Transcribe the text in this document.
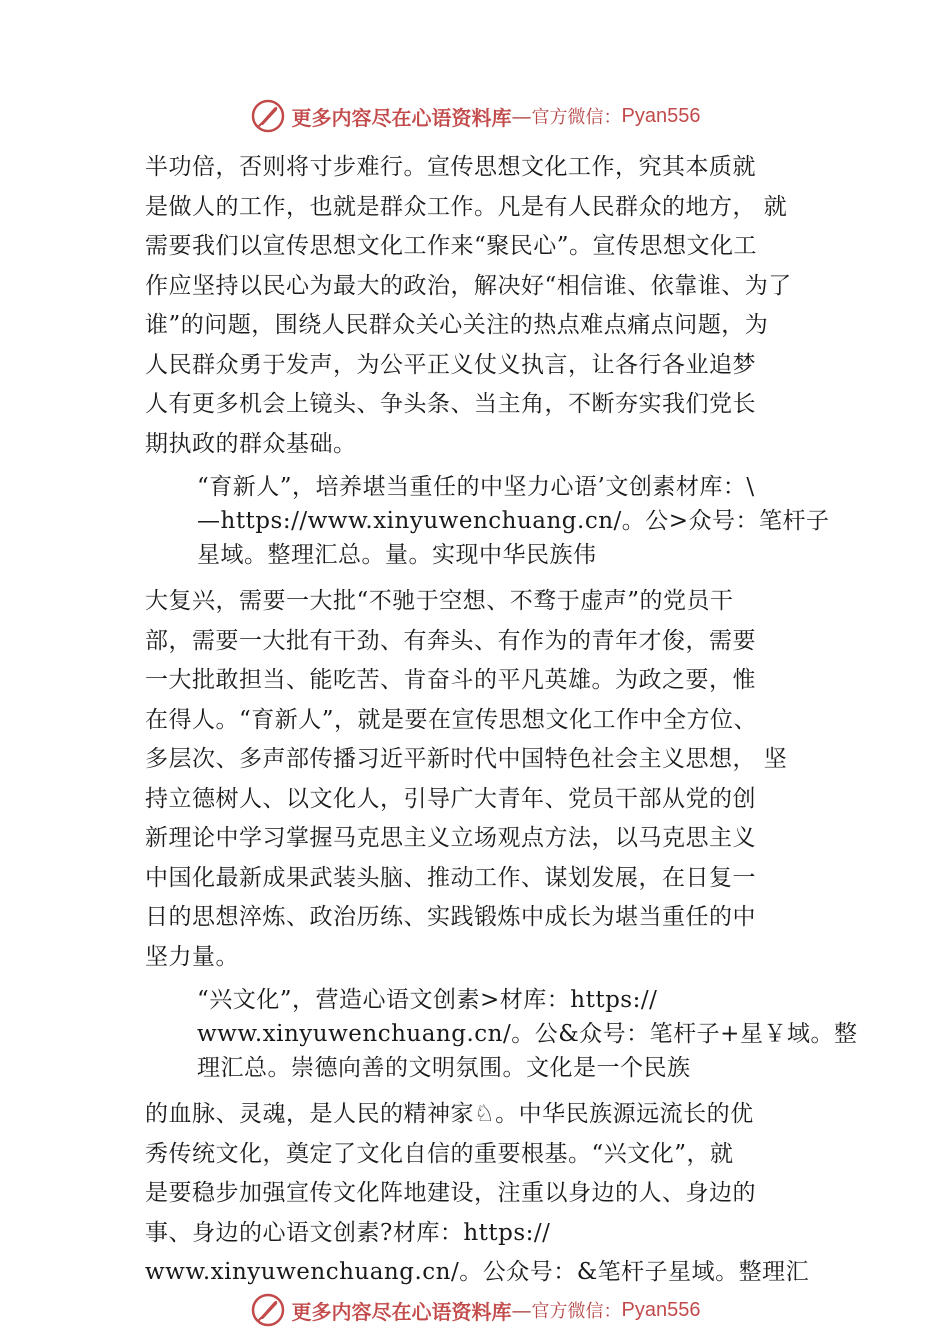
更多内容尽在心语资料库 — 官方微信： Pyan556
半功倍，否则将寸步难行。宣传思想文化工作，究其本质就
是做人的工作，也就是群众工作。凡是有人民群众的地方， 就
需要我们以宣传思想文化工作来“聚民心”。宣传思想文化工
作应坚持以民心为最大的政治，解决好“相信谁、依靠谁、为了
谁”的问题，围绕人民群众关心关注的热点难点痛点问题，为
人民群众勇于发声，为公平正义仗义执言，让各行各业追梦
人有更多机会上镜头、争头条、当主角，不断夯实我们党长
期执政的群众基础。
“育新人”，培养堪当重任的中坚力心语’文创素材库：\
—https://www.xinyuwenchuang.cn/。公>众号：笔杆子
星域。整理汇总。量。实现中华民族伟
大复兴，需要一大批“不驰于空想、不骛于虚声”的党员干
部，需要一大批有干劲、有奔头、有作为的青年才俊，需要
一大批敢担当、能吃苦、肯奋斗的平凡英雄。为政之要，惟
在得人。“育新人”，就是要在宣传思想文化工作中全方位、
多层次、多声部传播习近平新时代中国特色社会主义思想， 坚
持立德树人、以文化人，引导广大青年、党员干部从党的创
新理论中学习掌握马克思主义立场观点方法，以马克思主义
中国化最新成果武装头脑、推动工作、谋划发展，在日复一
日的思想淬炼、政治历练、实践锻炼中成长为堪当重任的中
坚力量。
“兴文化”，营造心语文创素>材库：https://
www.xinyuwenchuang.cn/。公&众号：笔杆子+星￥域。整
理汇总。崇德向善的文明氛围。文化是一个民族
的血脉、灵魂，是人民的精神家♘。中华民族源远流长的优
秀传统文化，奠定了文化自信的重要根基。“兴文化”，就
是要稳步加强宣传文化阵地建设，注重以身边的人、身边的
事、身边的心语文创素?材库：https://
www.xinyuwenchuang.cn/。公众号：&笔杆子星域。整理汇
更多内容尽在心语资料库 — 官方微信： Pyan556
